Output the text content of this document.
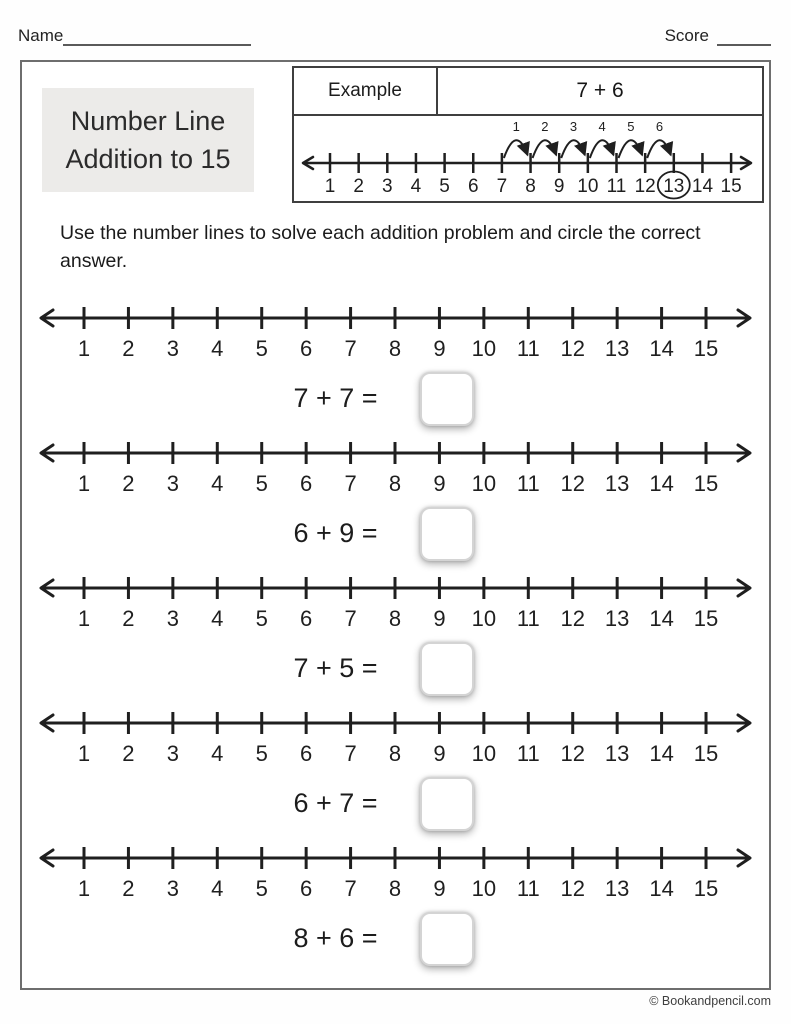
Name	Score
Number Line
Addition to 15
Example	7 + 6
1 2 3 4 5 6 7 8 9 10 11 12 13 14 15
1 2 3 4 5 6

Use the number lines to solve each addition problem and circle the correct answer.

1 2 3 4 5 6 7 8 9 10 11 12 13 14 15
7 + 7 =
1 2 3 4 5 6 7 8 9 10 11 12 13 14 15
6 + 9 =
1 2 3 4 5 6 7 8 9 10 11 12 13 14 15
7 + 5 =
1 2 3 4 5 6 7 8 9 10 11 12 13 14 15
6 + 7 =
1 2 3 4 5 6 7 8 9 10 11 12 13 14 15
8 + 6 =
© Bookandpencil.com
